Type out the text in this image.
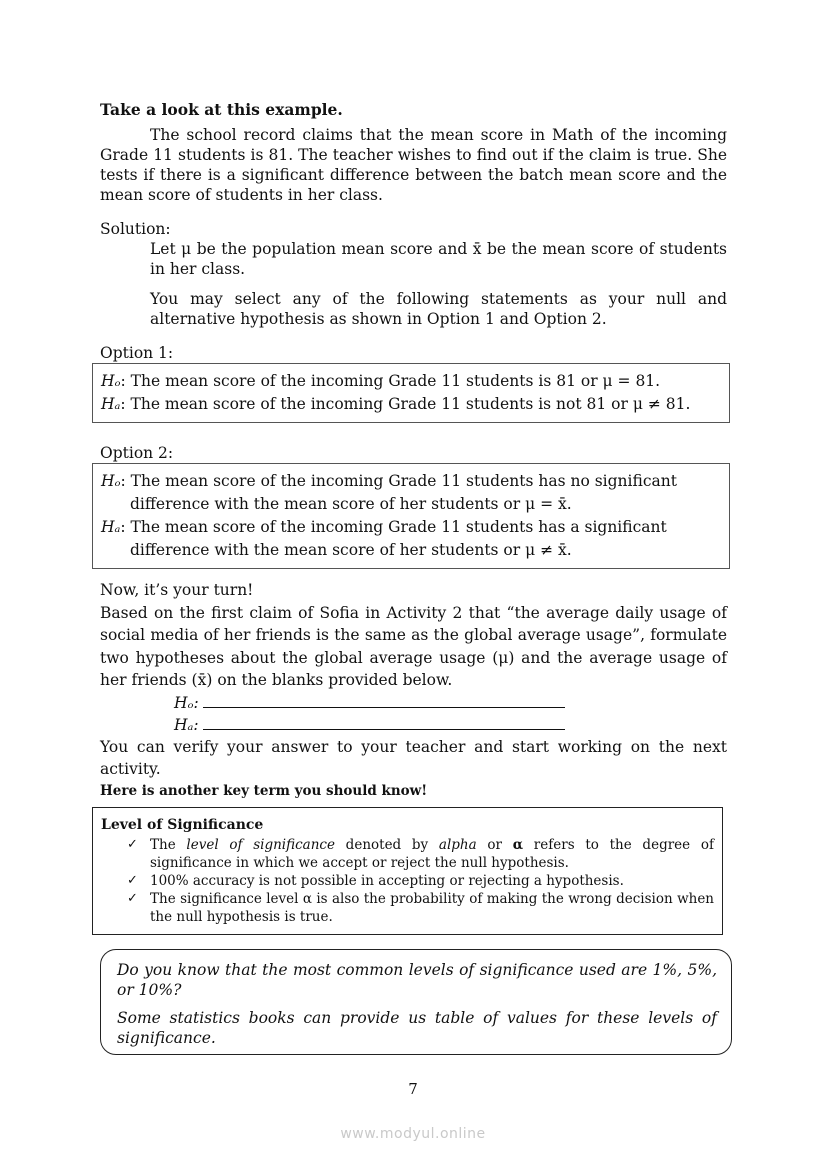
Take a look at this example.

The school record claims that the mean score in Math of the incoming Grade 11 students is 81. The teacher wishes to find out if the claim is true. She tests if there is a significant difference between the batch mean score and the mean score of students in her class.

Solution:

Let μ be the population mean score and x̄ be the mean score of students in her class.

You may select any of the following statements as your null and alternative hypothesis as shown in Option 1 and Option 2.

Option 1:

Hₒ: The mean score of the incoming Grade 11 students is 81 or μ = 81.
Hₐ: The mean score of the incoming Grade 11 students is not 81 or μ ≠ 81.

Option 2:

Hₒ: The mean score of the incoming Grade 11 students has no significant
difference with the mean score of her students or μ = x̄.
Hₐ: The mean score of the incoming Grade 11 students has a significant
difference with the mean score of her students or μ ≠ x̄.

Now, it’s your turn!

Based on the first claim of Sofia in Activity 2 that “the average daily usage of social media of her friends is the same as the global average usage”, formulate two hypotheses about the global average usage (μ) and the average usage of her friends (x̄) on the blanks provided below.

Hₒ:
Hₐ:

You can verify your answer to your teacher and start working on the next activity.

Here is another key term you should know!
Level of Significance
✓ The level of significance denoted by alpha or α refers to the degree of significance in which we accept or reject the null hypothesis.
✓ 100% accuracy is not possible in accepting or rejecting a hypothesis.
✓ The significance level α is also the probability of making the wrong decision when the null hypothesis is true.

Do you know that the most common levels of significance used are 1%, 5%, or 10%?

Some statistics books can provide us table of values for these levels of significance.

7
www.modyul.online
